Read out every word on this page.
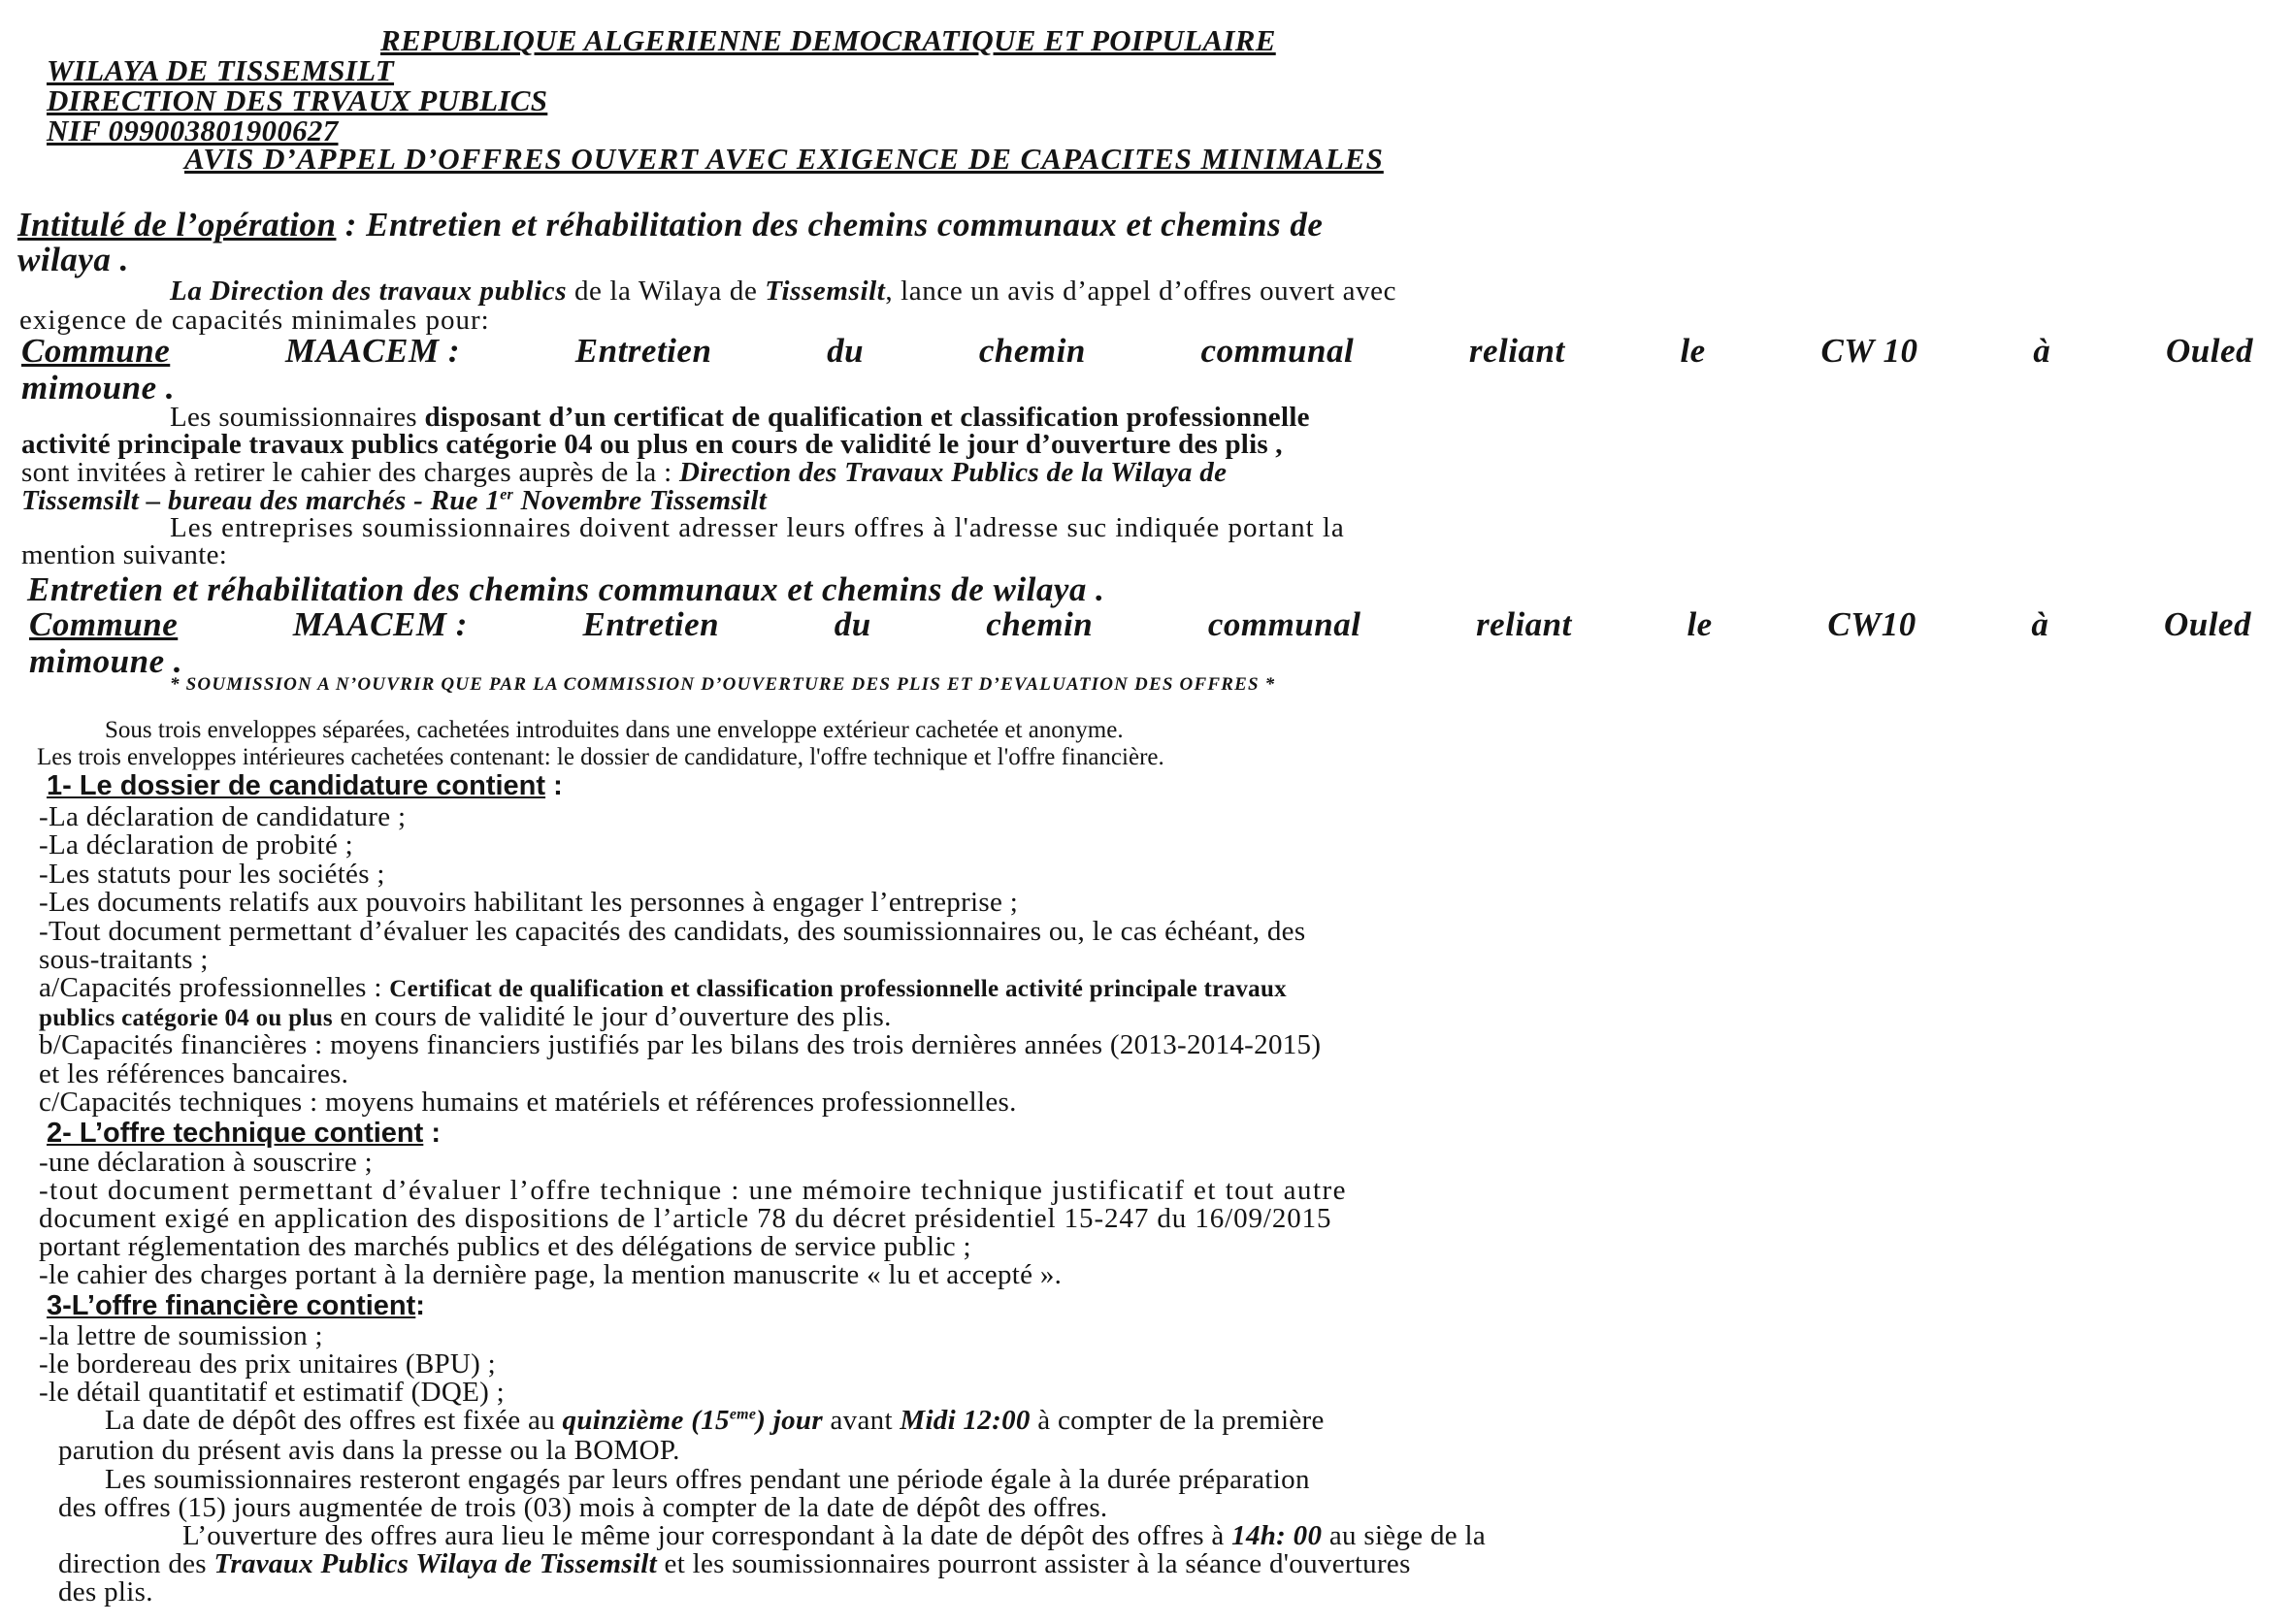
REPUBLIQUE ALGERIENNE DEMOCRATIQUE ET POIPULAIRE
WILAYA DE TISSEMSILT
DIRECTION DES TRVAUX PUBLICS
NIF 099003801900627
AVIS D’APPEL D’OFFRES OUVERT AVEC EXIGENCE DE CAPACITES MINIMALES
Intitulé de l’opération : Entretien et réhabilitation des chemins communaux et chemins de
wilaya .
La Direction des travaux publics de la Wilaya de Tissemsilt, lance un avis d’appel d’offres ouvert avec
exigence de capacités minimales pour:
Commune	MAACEM :	Entretien	du	chemin	communal	reliant	le	CW 10	à	Ouled
mimoune .
Les soumissionnaires disposant d’un certificat de qualification et classification professionnelle
activité principale travaux publics catégorie 04 ou plus en cours de validité le jour d’ouverture des plis ,
sont invitées à retirer le cahier des charges auprès de la : Direction des Travaux Publics de la Wilaya de
Tissemsilt – bureau des marchés - Rue 1er Novembre Tissemsilt
Les entreprises soumissionnaires doivent adresser leurs offres à l'adresse suc indiquée portant la
mention suivante:
Entretien et réhabilitation des chemins communaux et chemins de wilaya .
Commune	MAACEM :	Entretien	du	chemin	communal	reliant	le	CW10	à	Ouled
mimoune .
* SOUMISSION A N’OUVRIR QUE PAR LA COMMISSION D’OUVERTURE DES PLIS ET D’EVALUATION DES OFFRES *
Sous trois enveloppes séparées, cachetées introduites dans une enveloppe extérieur cachetée et anonyme.
Les trois enveloppes intérieures cachetées contenant: le dossier de candidature, l'offre technique et l'offre financière.
1- Le dossier de candidature contient :
-La déclaration de candidature ;
-La déclaration de probité ;
-Les statuts pour les sociétés ;
-Les documents relatifs aux pouvoirs habilitant les personnes à engager l’entreprise ;
-Tout document permettant d’évaluer les capacités des candidats, des soumissionnaires ou, le cas échéant, des
sous-traitants ;
a/Capacités professionnelles : Certificat de qualification et classification professionnelle activité principale travaux
publics catégorie 04 ou plus en cours de validité le jour d’ouverture des plis.
b/Capacités financières : moyens financiers justifiés par les bilans des trois dernières années (2013-2014-2015)
et les références bancaires.
c/Capacités techniques : moyens humains et matériels et références professionnelles.
2- L’offre technique contient :
-une déclaration à souscrire ;
-tout document permettant d’évaluer l’offre technique : une mémoire technique justificatif et tout autre
document exigé en application des dispositions de l’article 78 du décret présidentiel 15-247 du 16/09/2015
portant réglementation des marchés publics et des délégations de service public ;
-le cahier des charges portant à la dernière page, la mention manuscrite « lu et accepté ».
3-L’offre financière contient:
-la lettre de soumission ;
-le bordereau des prix unitaires (BPU) ;
-le détail quantitatif et estimatif (DQE) ;
La date de dépôt des offres est fixée au quinzième (15eme) jour avant Midi 12:00 à compter de la première
parution du présent avis dans la presse ou la BOMOP.
Les soumissionnaires resteront engagés par leurs offres pendant une période égale à la durée préparation
des offres (15) jours augmentée de trois (03) mois à compter de la date de dépôt des offres.
L’ouverture des offres aura lieu le même jour correspondant à la date de dépôt des offres à 14h: 00 au siège de la
direction des Travaux Publics Wilaya de Tissemsilt et les soumissionnaires pourront assister à la séance d'ouvertures
des plis.
